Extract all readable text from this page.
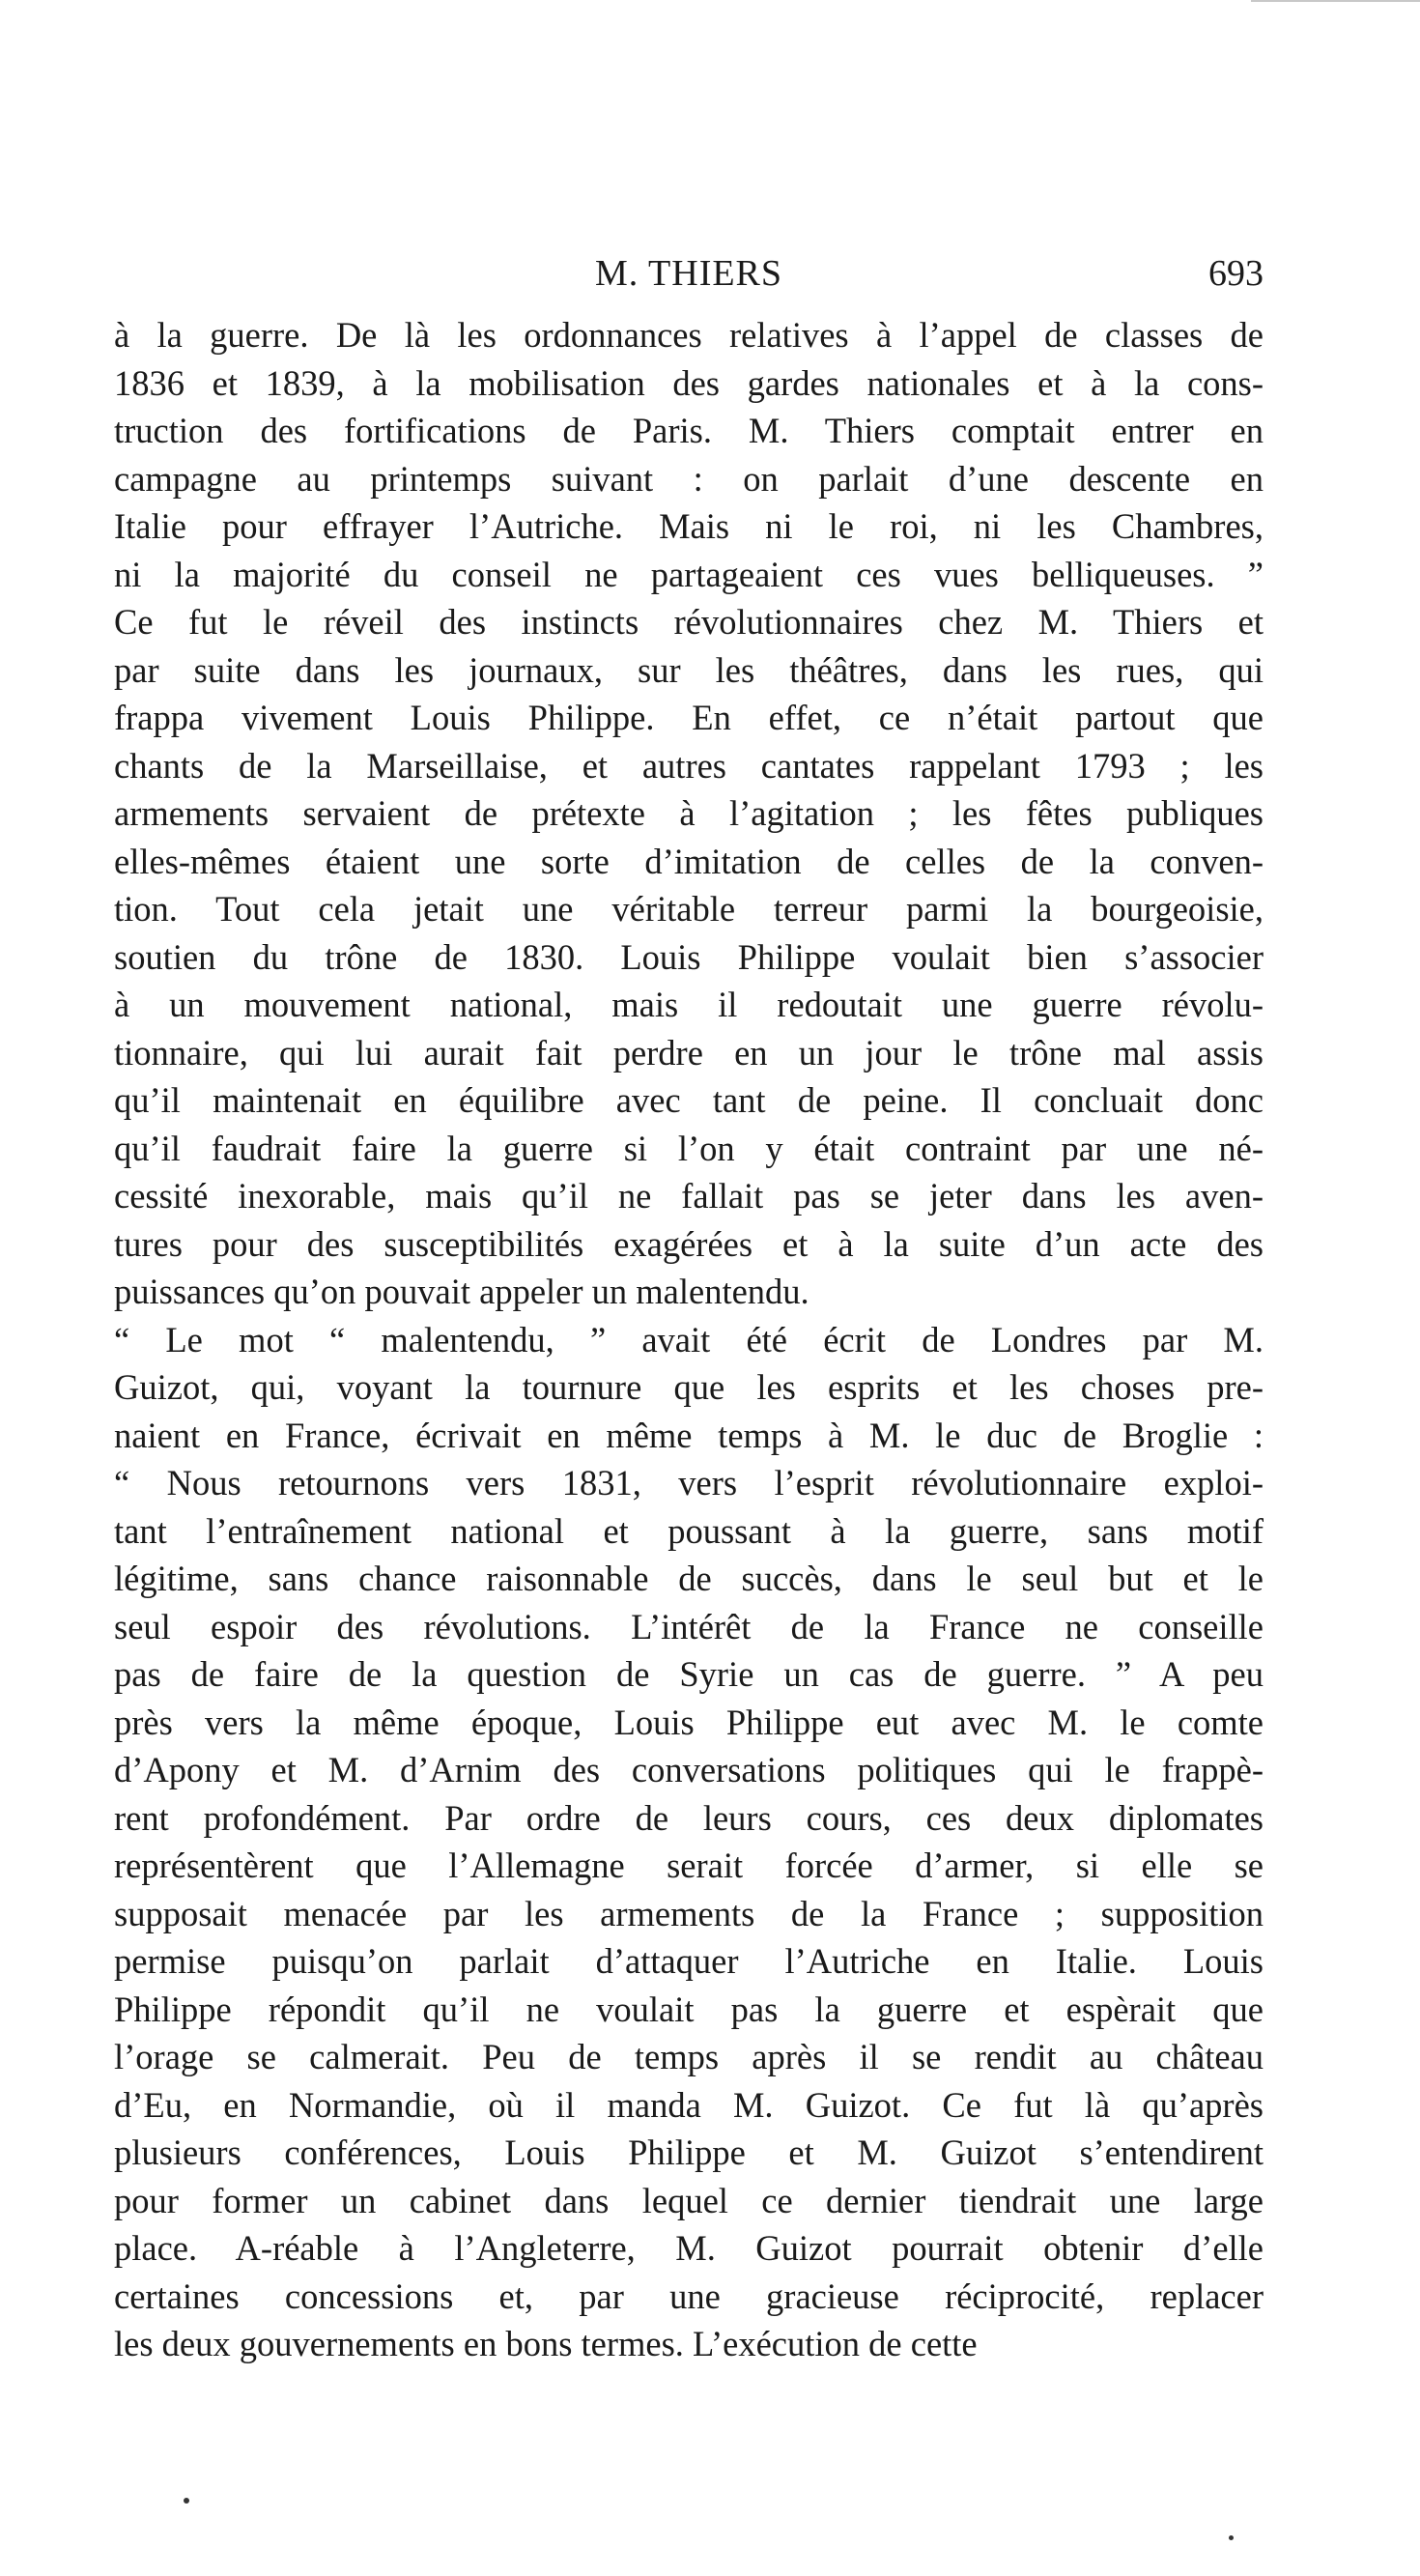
M. THIERS	693
à la guerre. De là les ordonnances relatives à l’appel de classes de
1836 et 1839, à la mobilisation des gardes nationales et à la cons-
truction des fortifications de Paris. M. Thiers comptait entrer en
campagne au printemps suivant : on parlait d’une descente en
Italie pour effrayer l’Autriche. Mais ni le roi, ni les Chambres,
ni la majorité du conseil ne partageaient ces vues belliqueuses. ”
Ce fut le réveil des instincts révolutionnaires chez M. Thiers et
par suite dans les journaux, sur les théâtres, dans les rues, qui
frappa vivement Louis Philippe. En effet, ce n’était partout que
chants de la Marseillaise, et autres cantates rappelant 1793 ; les
armements servaient de prétexte à l’agitation ; les fêtes publiques
elles-mêmes étaient une sorte d’imitation de celles de la conven-
tion. Tout cela jetait une véritable terreur parmi la bourgeoisie,
soutien du trône de 1830. Louis Philippe voulait bien s’associer
à un mouvement national, mais il redoutait une guerre révolu-
tionnaire, qui lui aurait fait perdre en un jour le trône mal assis
qu’il maintenait en équilibre avec tant de peine. Il concluait donc
qu’il faudrait faire la guerre si l’on y était contraint par une né-
cessité inexorable, mais qu’il ne fallait pas se jeter dans les aven-
tures pour des susceptibilités exagérées et à la suite d’un acte des
puissances qu’on pouvait appeler un malentendu.
“ Le mot “ malentendu, ” avait été écrit de Londres par M.
Guizot, qui, voyant la tournure que les esprits et les choses pre-
naient en France, écrivait en même temps à M. le duc de Broglie :
“ Nous retournons vers 1831, vers l’esprit révolutionnaire exploi-
tant l’entraînement national et poussant à la guerre, sans motif
légitime, sans chance raisonnable de succès, dans le seul but et le
seul espoir des révolutions. L’intérêt de la France ne conseille
pas de faire de la question de Syrie un cas de guerre. ” A peu
près vers la même époque, Louis Philippe eut avec M. le comte
d’Apony et M. d’Arnim des conversations politiques qui le frappè-
rent profondément. Par ordre de leurs cours, ces deux diplomates
représentèrent que l’Allemagne serait forcée d’armer, si elle se
supposait menacée par les armements de la France ; supposition
permise puisqu’on parlait d’attaquer l’Autriche en Italie. Louis
Philippe répondit qu’il ne voulait pas la guerre et espèrait que
l’orage se calmerait. Peu de temps après il se rendit au château
d’Eu, en Normandie, où il manda M. Guizot. Ce fut là qu’après
plusieurs conférences, Louis Philippe et M. Guizot s’entendirent
pour former un cabinet dans lequel ce dernier tiendrait une large
place. A-réable à l’Angleterre, M. Guizot pourrait obtenir d’elle
certaines concessions et, par une gracieuse réciprocité, replacer
les deux gouvernements en bons termes. L’exécution de cette
